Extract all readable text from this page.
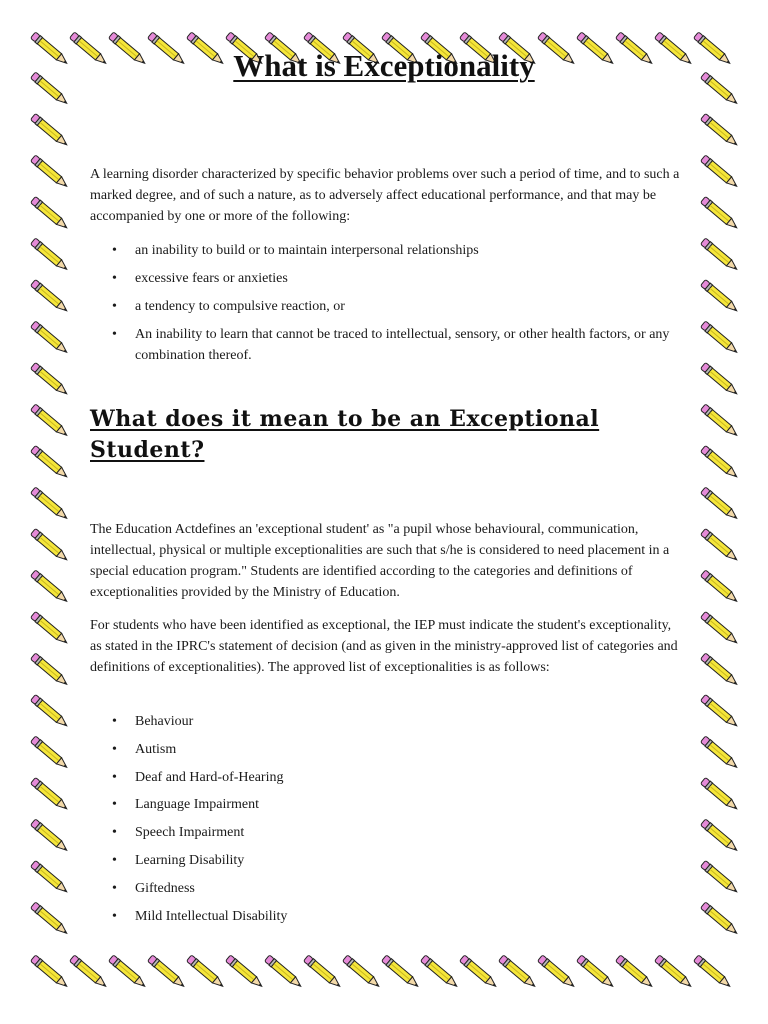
What is Exceptionality

A learning disorder characterized by specific behavior problems over such a period of time, and to such a marked degree, and of such a nature, as to adversely affect educational performance, and that may be accompanied by one or more of the following:

• an inability to build or to maintain interpersonal relationships
• excessive fears or anxieties
• a tendency to compulsive reaction, or
• An inability to learn that cannot be traced to intellectual, sensory, or other health factors, or any combination thereof.
What does it mean to be an Exceptional Student?

The Education Actdefines an 'exceptional student' as "a pupil whose behavioural, communication, intellectual, physical or multiple exceptionalities are such that s/he is considered to need placement in a special education program." Students are identified according to the categories and definitions of exceptionalities provided by the Ministry of Education.

For students who have been identified as exceptional, the IEP must indicate the student's exceptionality, as stated in the IPRC's statement of decision (and as given in the ministry-approved list of categories and definitions of exceptionalities). The approved list of exceptionalities is as follows:

• Behaviour
• Autism
• Deaf and Hard-of-Hearing
• Language Impairment
• Speech Impairment
• Learning Disability
• Giftedness
• Mild Intellectual Disability
